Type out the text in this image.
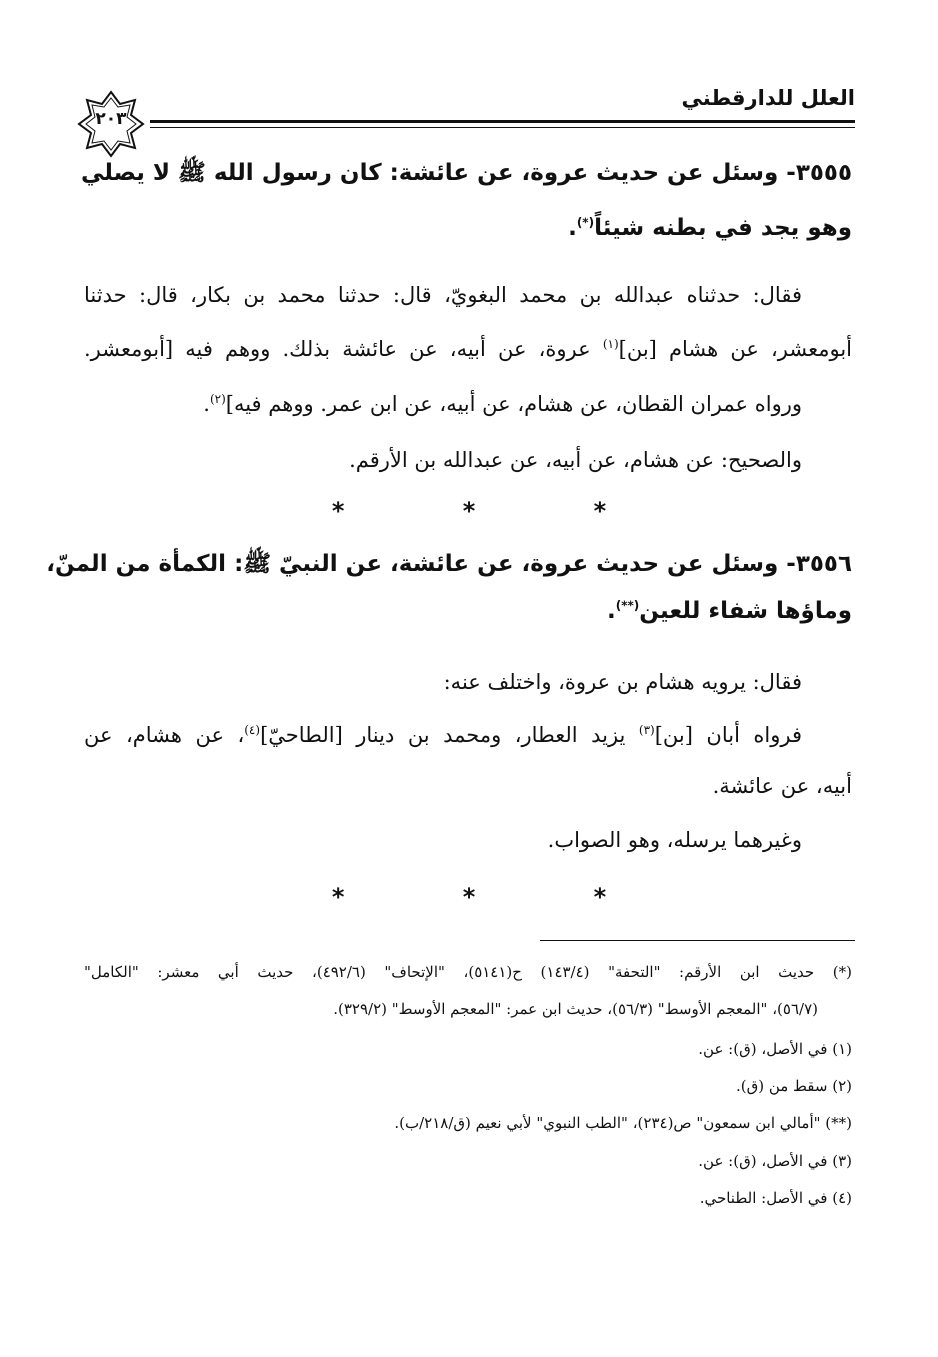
العلل للدارقطني
٢٠٣
٣٥٥٥- وسئل عن حديث عروة، عن عائشة: كان رسول الله ﷺ لا يصلي
وهو يجد في بطنه شيئاً(*).
فقال: حدثناه عبدالله بن محمد البغويّ، قال: حدثنا محمد بن بكار، قال: حدثنا
أبومعشر، عن هشام [بن]$^{(١)}$ عروة، عن أبيه، عن عائشة بذلك. ووهم فيه [أبومعشر.
ورواه عمران القطان، عن هشام، عن أبيه، عن ابن عمر. ووهم فيه]$^{(٢)}$.
والصحيح: عن هشام، عن أبيه، عن عبدالله بن الأرقم.
* * *
٣٥٥٦- وسئل عن حديث عروة، عن عائشة، عن النبيّ ﷺ: الكمأة من المنّ،
وماؤها شفاء للعين(**).
فقال: يرويه هشام بن عروة، واختلف عنه:
فرواه أبان [بن]$^{(٣)}$ يزيد العطار، ومحمد بن دينار [الطاحيّ]$^{(٤)}$، عن هشام، عن
أبيه، عن عائشة.
وغيرهما يرسله، وهو الصواب.
* * *
(*) حديث ابن الأرقم: "التحفة" (١٤٣/٤) ح(٥١٤١)، "الإتحاف" (٤٩٢/٦)، حديث أبي معشر: "الكامل"
(٥٦/٧)، "المعجم الأوسط" (٥٦/٣)، حديث ابن عمر: "المعجم الأوسط" (٣٢٩/٢).
(١) في الأصل، (ق): عن.
(٢) سقط من (ق).
(**) "أمالي ابن سمعون" ص(٢٣٤)، "الطب النبوي" لأبي نعيم (ق/٢١٨/ب).
(٣) في الأصل، (ق): عن.
(٤) في الأصل: الطناحي.
